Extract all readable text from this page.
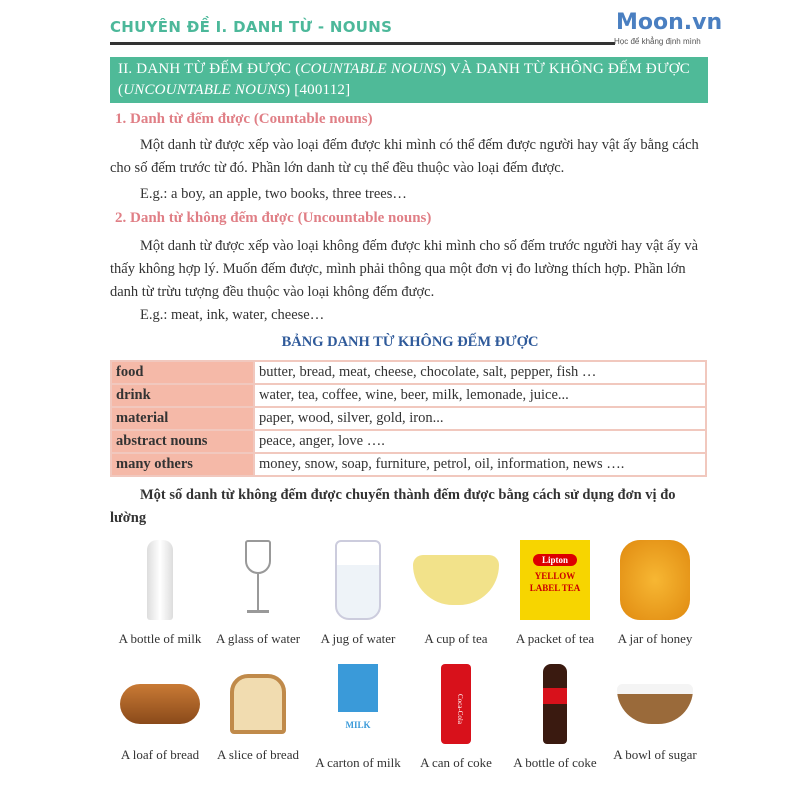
CHUYÊN ĐỀ I. DANH TỪ - NOUNS	Moon.vn
Học để khẳng định mình
II. DANH TỪ ĐẾM ĐƯỢC (COUNTABLE NOUNS) VÀ DANH TỪ KHÔNG ĐẾM ĐƯỢC (UNCOUNTABLE NOUNS) [400112]
1. Danh từ đếm được (Countable nouns)
Một danh từ được xếp vào loại đếm được khi mình có thể đếm được người hay vật ấy bằng cách cho số đếm trước từ đó. Phần lớn danh từ cụ thể đều thuộc vào loại đếm được.
E.g.: a boy, an apple, two books, three trees…
2. Danh từ không đếm được (Uncountable nouns)
Một danh từ được xếp vào loại không đếm được khi mình cho số đếm trước người hay vật ấy và thấy không hợp lý. Muốn đếm được, mình phải thông qua một đơn vị đo lường thích hợp. Phần lớn danh từ trừu tượng đều thuộc vào loại không đếm được.
E.g.: meat, ink, water, cheese…
BẢNG DANH TỪ KHÔNG ĐẾM ĐƯỢC
food	butter, bread, meat, cheese, chocolate, salt, pepper, fish …
drink	water, tea, coffee, wine, beer, milk, lemonade, juice...
material	paper, wood, silver, gold, iron...
abstract nouns	peace, anger, love ….
many others	money, snow, soap, furniture, petrol, oil, information, news ….
Một số danh từ không đếm được chuyển thành đếm được bằng cách sử dụng đơn vị đo lường
A bottle of milk	A glass of water	A jug of water	A cup of tea
Lipton
YELLOW LABEL TEA
A packet of tea	A jar of honey
A loaf of bread	A slice of bread
MILK
A carton of milk
Coca-Cola
A can of coke	A bottle of coke
A bowl of sugar
